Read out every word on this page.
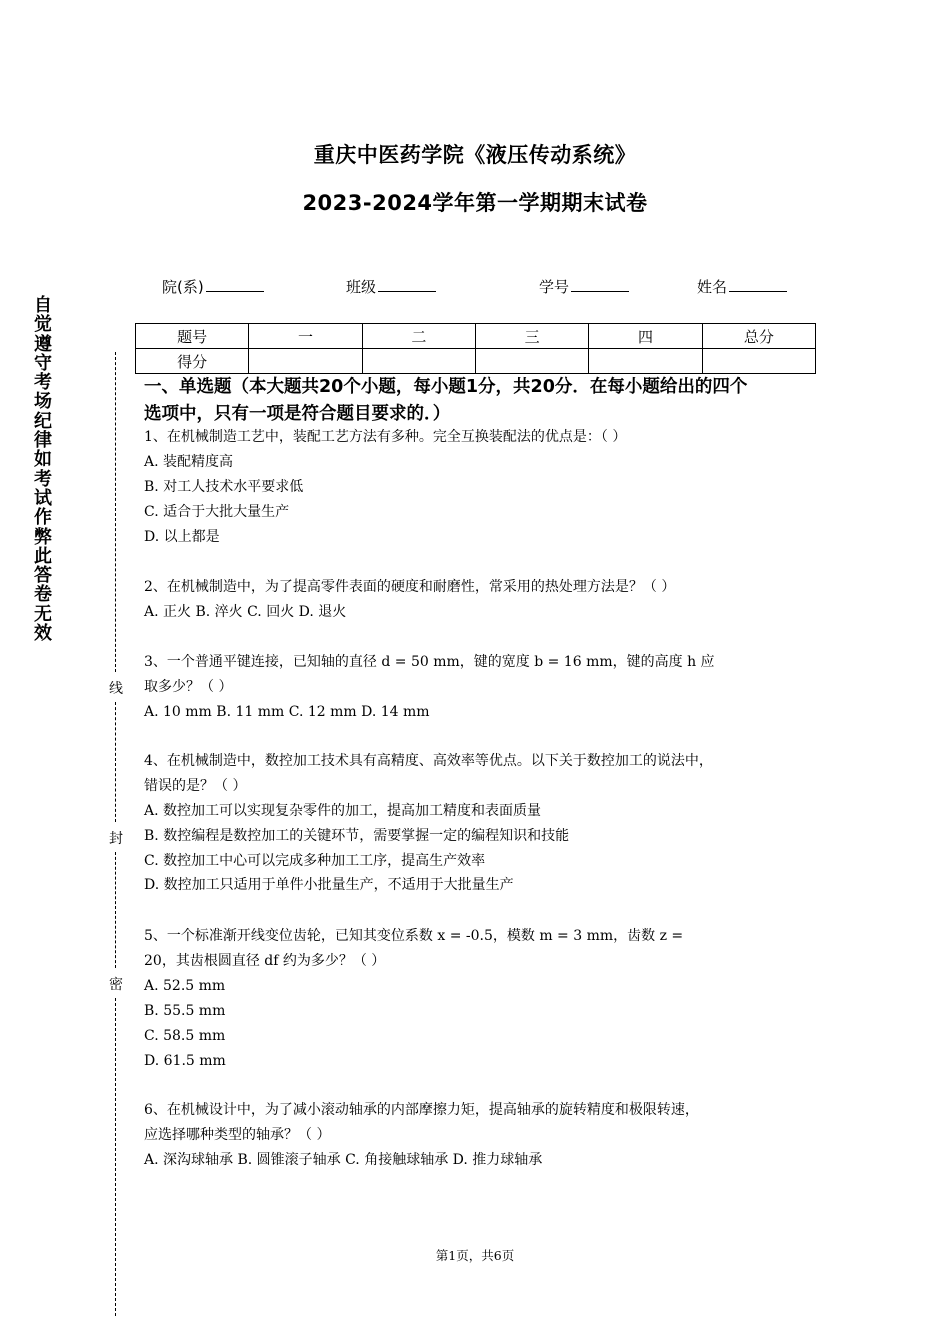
重庆中医药学院《液压传动系统》
2023-2024学年第一学期期末试卷
院(系)	班级	学号	姓名
自
觉
遵
守
考
场
纪
律
如
考
试
作
弊
此
答
卷
无
效
线
封
密
题号	一	二	三	四	总分
得分					
一、单选题（本大题共20个小题，每小题1分，共20分．在每小题给出的四个
选项中，只有一项是符合题目要求的．）
1、在机械制造工艺中，装配工艺方法有多种。完全互换装配法的优点是：（ ）
A. 装配精度高
B. 对工人技术水平要求低
C. 适合于大批大量生产
D. 以上都是
2、在机械制造中，为了提高零件表面的硬度和耐磨性，常采用的热处理方法是？（ ）
A. 正火 B. 淬火 C. 回火 D. 退火
3、一个普通平键连接，已知轴的直径 d = 50 mm，键的宽度 b = 16 mm，键的高度 h 应
取多少？（ ）
A. 10 mm B. 11 mm C. 12 mm D. 14 mm
4、在机械制造中，数控加工技术具有高精度、高效率等优点。以下关于数控加工的说法中，
错误的是？（ ）
A. 数控加工可以实现复杂零件的加工，提高加工精度和表面质量
B. 数控编程是数控加工的关键环节，需要掌握一定的编程知识和技能
C. 数控加工中心可以完成多种加工工序，提高生产效率
D. 数控加工只适用于单件小批量生产，不适用于大批量生产
5、一个标准渐开线变位齿轮，已知其变位系数 x = -0.5，模数 m = 3 mm，齿数 z =
20，其齿根圆直径 df 约为多少？（ ）
A. 52.5 mm
B. 55.5 mm
C. 58.5 mm
D. 61.5 mm
6、在机械设计中，为了减小滚动轴承的内部摩擦力矩，提高轴承的旋转精度和极限转速，
应选择哪种类型的轴承？（ ）
A. 深沟球轴承 B. 圆锥滚子轴承 C. 角接触球轴承 D. 推力球轴承
第1页，共6页
